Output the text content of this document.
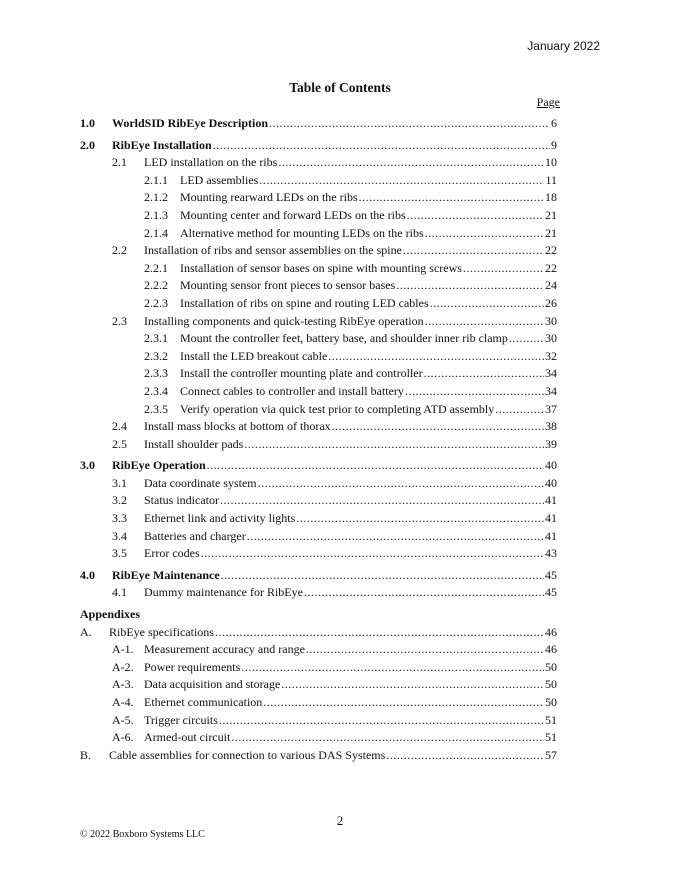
January 2022
Table of Contents
Page
1.0	WorldSID RibEye Description .....	6
2.0	RibEye Installation .....	9
2.1	LED installation on the ribs .....	10
2.1.1	LED assemblies .....	11
2.1.2	Mounting rearward LEDs on the ribs .....	18
2.1.3	Mounting center and forward LEDs on the ribs .....	21
2.1.4	Alternative method for mounting LEDs on the ribs .....	21
2.2	Installation of ribs and sensor assemblies on the spine .....	22
2.2.1	Installation of sensor bases on spine with mounting screws .....	22
2.2.2	Mounting sensor front pieces to sensor bases .....	24
2.2.3	Installation of ribs on spine and routing LED cables .....	26
2.3	Installing components and quick-testing RibEye operation .....	30
2.3.1	Mount the controller feet, battery base, and shoulder inner rib clamp .....	30
2.3.2	Install the LED breakout cable .....	32
2.3.3	Install the controller mounting plate and controller .....	34
2.3.4	Connect cables to controller and install battery .....	34
2.3.5	Verify operation via quick test prior to completing ATD assembly .....	37
2.4	Install mass blocks at bottom of thorax .....	38
2.5	Install shoulder pads .....	39
3.0	RibEye Operation .....	40
3.1	Data coordinate system .....	40
3.2	Status indicator .....	41
3.3	Ethernet link and activity lights .....	41
3.4	Batteries and charger .....	41
3.5	Error codes .....	43
4.0	RibEye Maintenance .....	45
4.1	Dummy maintenance for RibEye .....	45
Appendixes
A.	RibEye specifications .....	46
A-1. Measurement accuracy and range .....	46
A-2. Power requirements .....	50
A-3. Data acquisition and storage .....	50
A-4. Ethernet communication .....	50
A-5. Trigger circuits .....	51
A-6. Armed-out circuit .....	51
B.	Cable assemblies for connection to various DAS Systems .....	57
2
© 2022 Boxboro Systems LLC
